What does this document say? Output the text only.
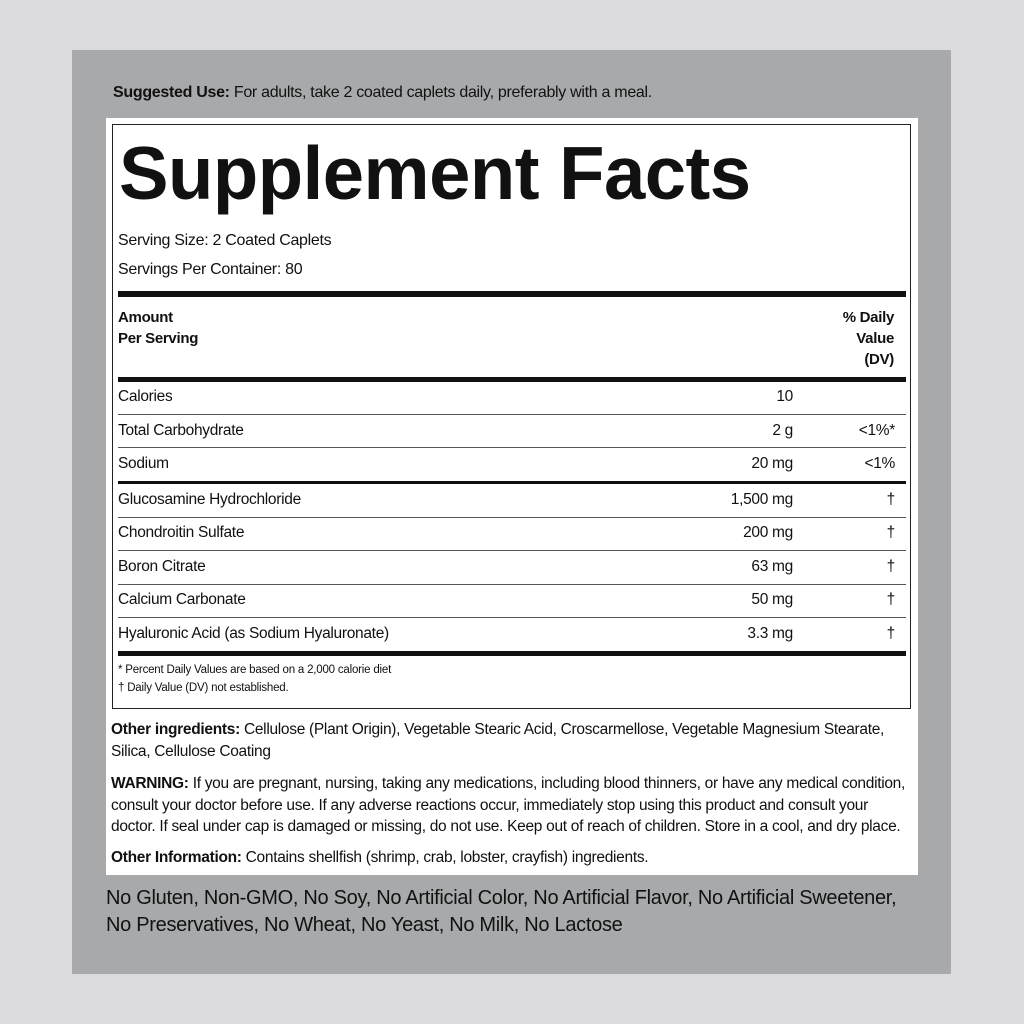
Suggested Use: For adults, take 2 coated caplets daily, preferably with a meal.
Supplement Facts
Serving Size: 2 Coated Caplets
Servings Per Container: 80
Amount
Per Serving
% Daily
Value
(DV)
Calories	10
Total Carbohydrate	2 g	<1%*
Sodium	20 mg	<1%
Glucosamine Hydrochloride	1,500 mg	†
Chondroitin Sulfate	200 mg	†
Boron Citrate	63 mg	†
Calcium Carbonate	50 mg	†
Hyaluronic Acid (as Sodium Hyaluronate)	3.3 mg	†
* Percent Daily Values are based on a 2,000 calorie diet
† Daily Value (DV) not established.
Other ingredients: Cellulose (Plant Origin), Vegetable Stearic Acid, Croscarmellose, Vegetable Magnesium Stearate, Silica, Cellulose Coating
WARNING: If you are pregnant, nursing, taking any medications, including blood thinners, or have any medical condition, consult your doctor before use. If any adverse reactions occur, immediately stop using this product and consult your doctor. If seal under cap is damaged or missing, do not use. Keep out of reach of children. Store in a cool, and dry place.
Other Information: Contains shellfish (shrimp, crab, lobster, crayfish) ingredients.
No Gluten, Non-GMO, No Soy, No Artificial Color, No Artificial Flavor, No Artificial Sweetener, No Preservatives, No Wheat, No Yeast, No Milk, No Lactose
